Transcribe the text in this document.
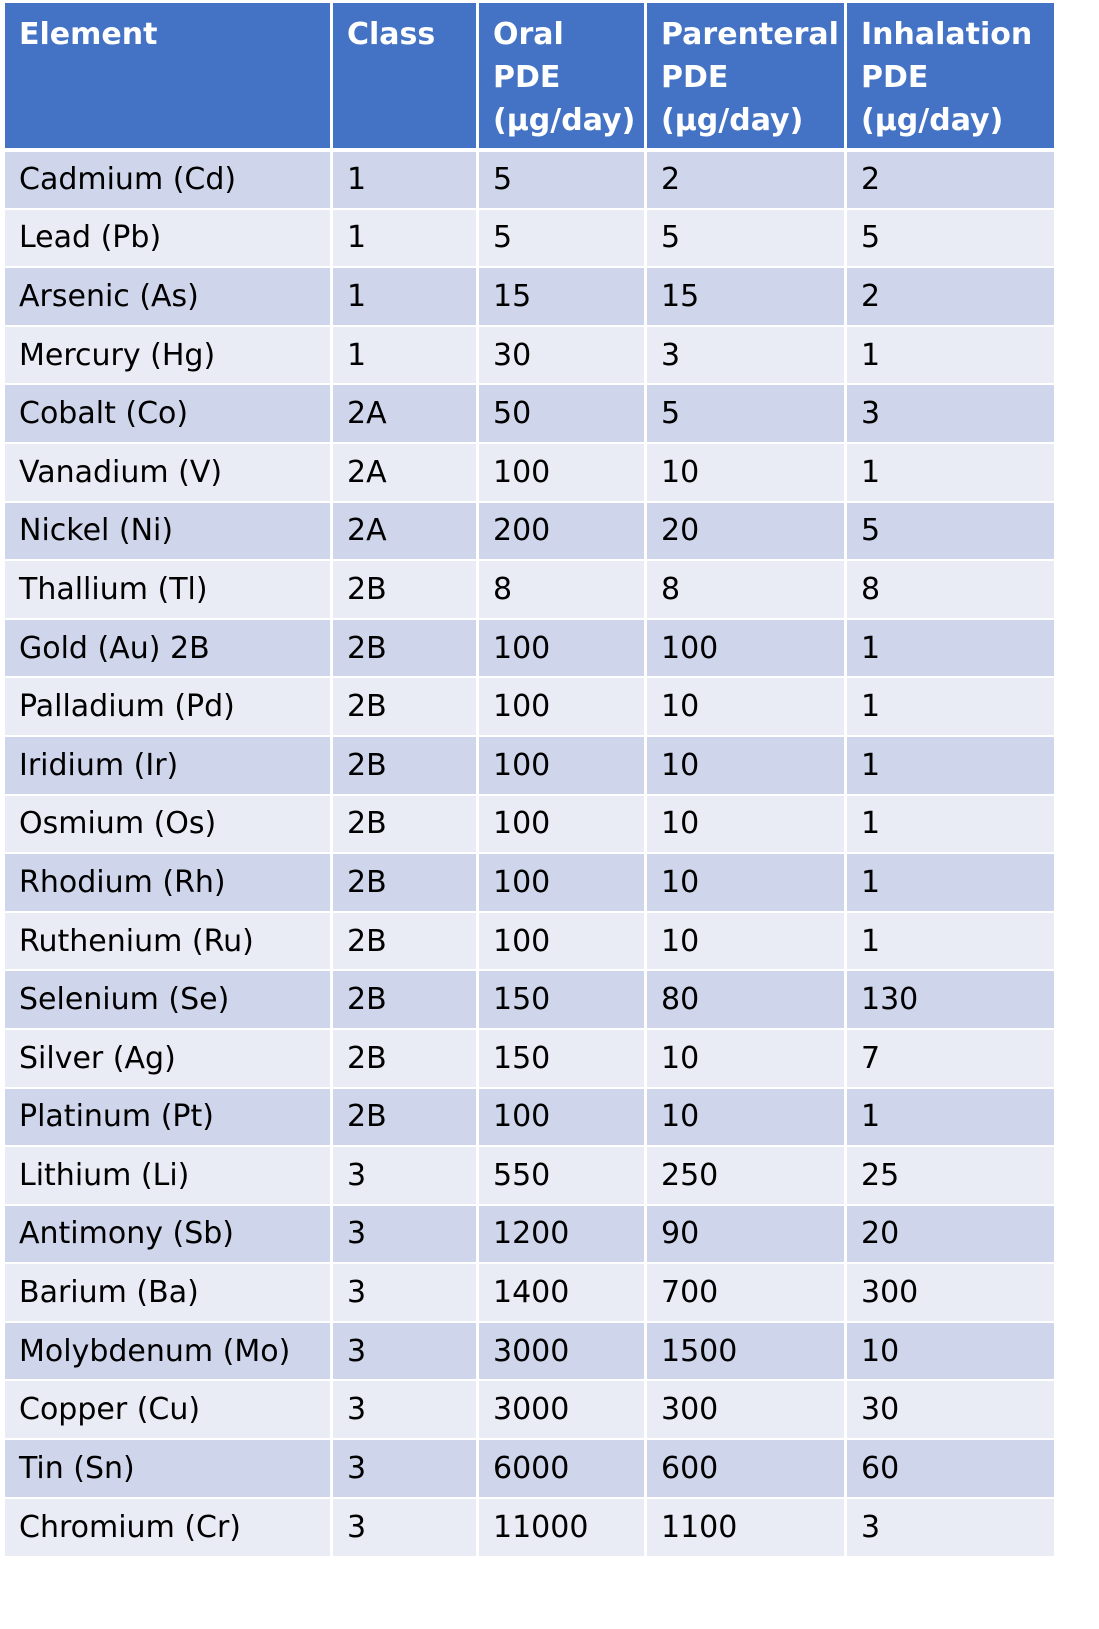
Element	Class	Oral PDE (µg/day)	Parenteral PDE (µg/day)	Inhalation PDE (µg/day)
Cadmium (Cd)	1	5	2	2
Lead (Pb)	1	5	5	5
Arsenic (As)	1	15	15	2
Mercury (Hg)	1	30	3	1
Cobalt (Co)	2A	50	5	3
Vanadium (V)	2A	100	10	1
Nickel (Ni)	2A	200	20	5
Thallium (Tl)	2B	8	8	8
Gold (Au) 2B	2B	100	100	1
Palladium (Pd)	2B	100	10	1
Iridium (Ir)	2B	100	10	1
Osmium (Os)	2B	100	10	1
Rhodium (Rh)	2B	100	10	1
Ruthenium (Ru)	2B	100	10	1
Selenium (Se)	2B	150	80	130
Silver (Ag)	2B	150	10	7
Platinum (Pt)	2B	100	10	1
Lithium (Li)	3	550	250	25
Antimony (Sb)	3	1200	90	20
Barium (Ba)	3	1400	700	300
Molybdenum (Mo)	3	3000	1500	10
Copper (Cu)	3	3000	300	30
Tin (Sn)	3	6000	600	60
Chromium (Cr)	3	11000	1100	3
